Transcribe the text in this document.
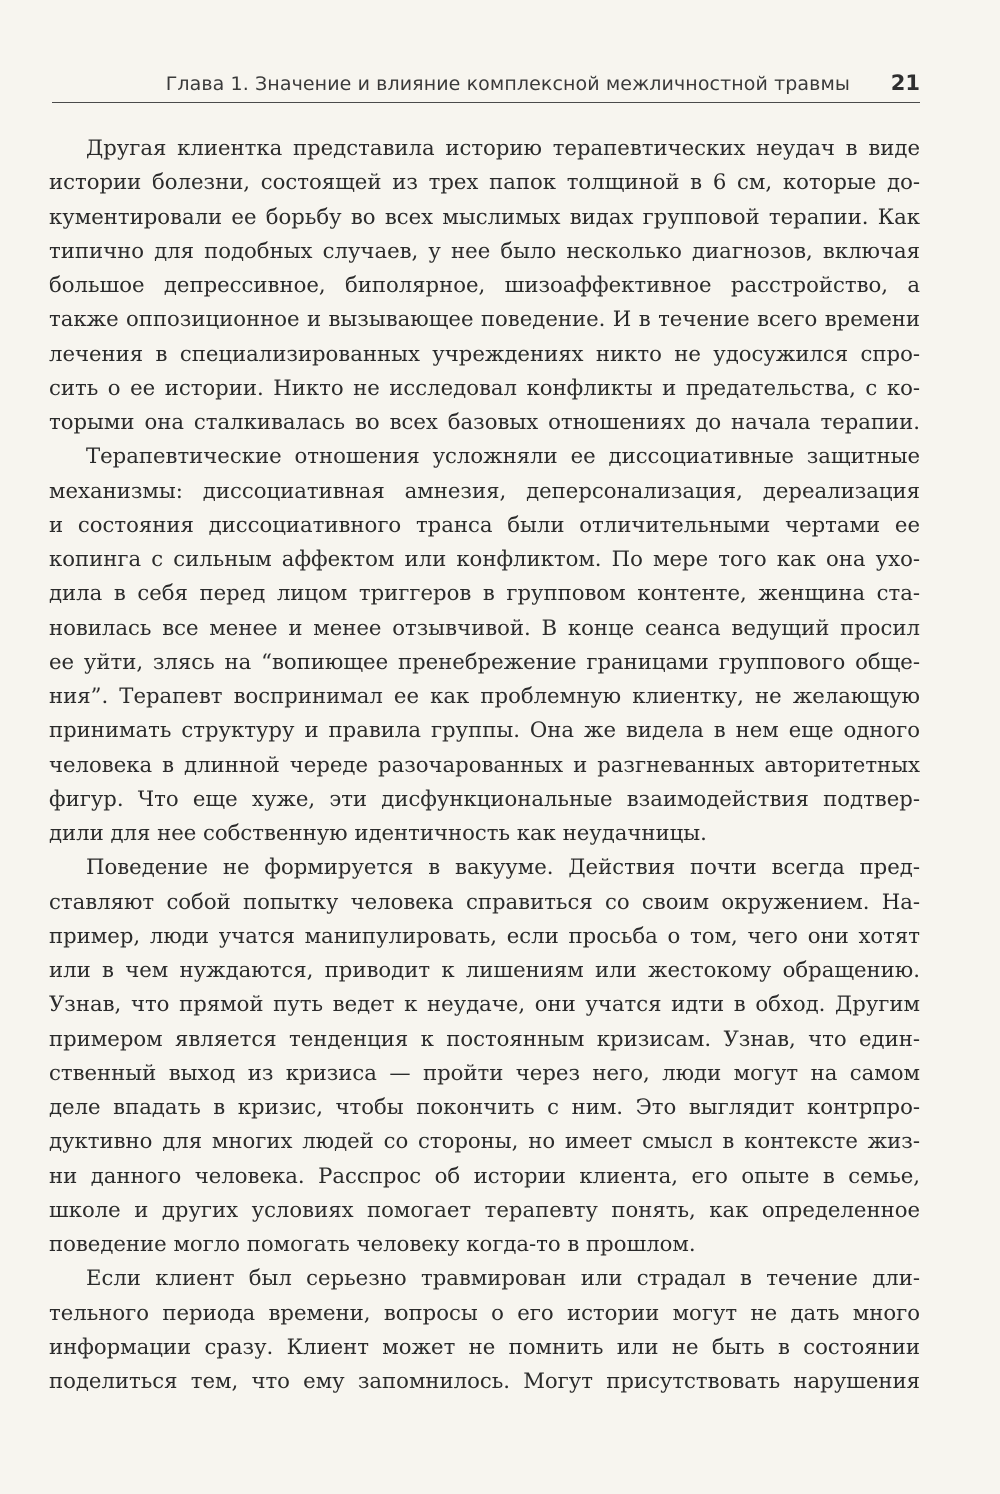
Глава 1. Значение и влияние комплексной межличностной травмы 21
Другая клиентка представила историю терапевтических неудач в виде
истории болезни, состоящей из трех папок толщиной в 6 см, которые до-
кументировали ее борьбу во всех мыслимых видах групповой терапии. Как
типично для подобных случаев, у нее было несколько диагнозов, включая
большое депрессивное, биполярное, шизоаффективное расстройство, а
также оппозиционное и вызывающее поведение. И в течение всего времени
лечения в специализированных учреждениях никто не удосужился спро-
сить о ее истории. Никто не исследовал конфликты и предательства, с ко-
торыми она сталкивалась во всех базовых отношениях до начала терапии.
Терапевтические отношения усложняли ее диссоциативные защитные
механизмы: диссоциативная амнезия, деперсонализация, дереализация
и состояния диссоциативного транса были отличительными чертами ее
копинга с сильным аффектом или конфликтом. По мере того как она ухо-
дила в себя перед лицом триггеров в групповом контенте, женщина ста-
новилась все менее и менее отзывчивой. В конце сеанса ведущий просил
ее уйти, злясь на “вопиющее пренебрежение границами группового обще-
ния”. Терапевт воспринимал ее как проблемную клиентку, не желающую
принимать структуру и правила группы. Она же видела в нем еще одного
человека в длинной череде разочарованных и разгневанных авторитетных
фигур. Что еще хуже, эти дисфункциональные взаимодействия подтвер-
дили для нее собственную идентичность как неудачницы.
Поведение не формируется в вакууме. Действия почти всегда пред-
ставляют собой попытку человека справиться со своим окружением. На-
пример, люди учатся манипулировать, если просьба о том, чего они хотят
или в чем нуждаются, приводит к лишениям или жестокому обращению.
Узнав, что прямой путь ведет к неудаче, они учатся идти в обход. Другим
примером является тенденция к постоянным кризисам. Узнав, что един-
ственный выход из кризиса — пройти через него, люди могут на самом
деле впадать в кризис, чтобы покончить с ним. Это выглядит контрпро-
дуктивно для многих людей со стороны, но имеет смысл в контексте жиз-
ни данного человека. Расспрос об истории клиента, его опыте в семье,
школе и других условиях помогает терапевту понять, как определенное
поведение могло помогать человеку когда-то в прошлом.
Если клиент был серьезно травмирован или страдал в течение дли-
тельного периода времени, вопросы о его истории могут не дать много
информации сразу. Клиент может не помнить или не быть в состоянии
поделиться тем, что ему запомнилось. Могут присутствовать нарушения
